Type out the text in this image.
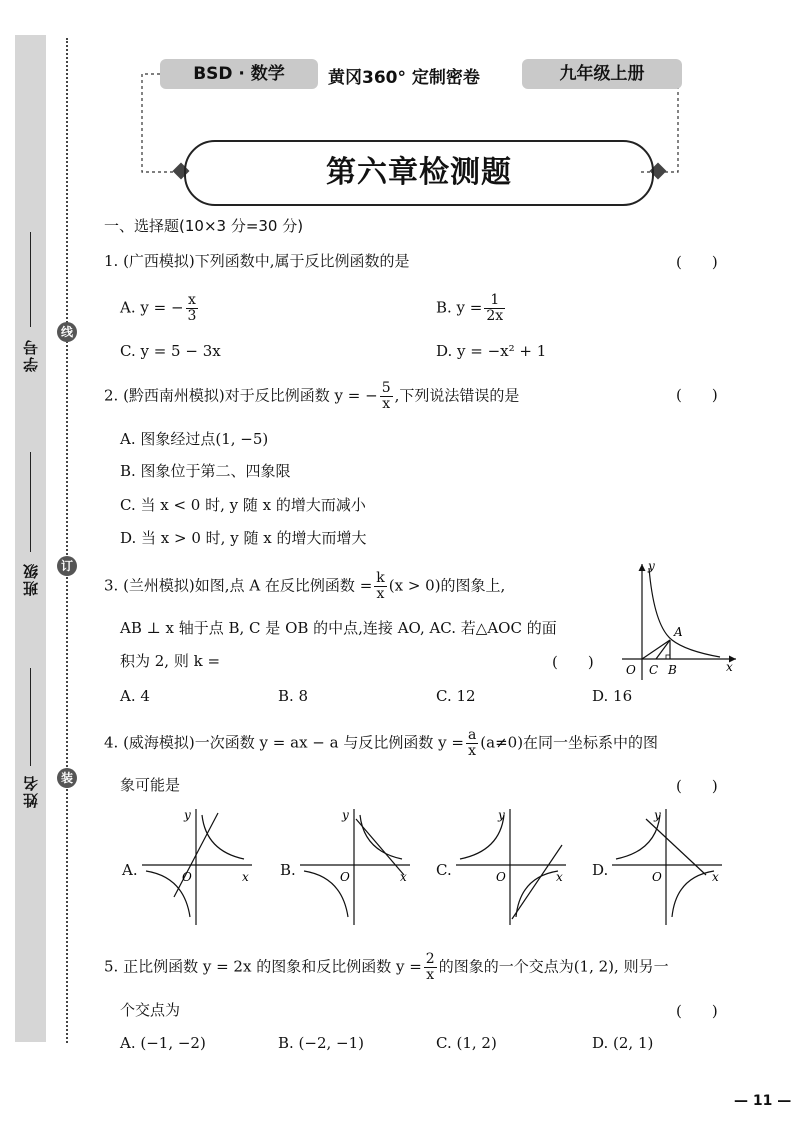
线
订
装
学号
班级
姓名
BSD · 数学	黄冈360° 定制密卷	九年级上册
第六章检测题
一、选择题(10×3 分=30 分)
1. (广西模拟)下列函数中,属于反比例函数的是	(　　)
A. y = − $\frac{x}{3}$	B. $y = \frac{1}{2x}$
C. y = 5 − 3x	D. y = −x² + 1
2. (黔西南州模拟)对于反比例函数 y = − $\frac{5}{x}$ ,下列说法错误的是	(　　)
A. 图象经过点(1, −5)
B. 图象位于第二、四象限
C. 当 x < 0 时, y 随 x 的增大而减小
D. 当 x > 0 时, y 随 x 的增大而增大
3. (兰州模拟)如图,点 A 在反比例函数 = $\frac{k}{x} (x > 0)$的图象上,
AB ⊥ x 轴于点 B, C 是 OB 的中点,连接 AO, AC. 若△AOC 的面
积为 2, 则 k =	(　　)
A. 4	B. 8	C. 12	D. 16
y
x
O
A
C B
4. (威海模拟)一次函数 y = ax − a 与反比例函数 $y = \frac{a}{x} (a\ne 0)$在同一坐标系中的图
象可能是	(　　)
A.
y
x
O	B.
y
x
O	C.
y
x
O	D.
y
x
O
5. 正比例函数 y = 2x 的图象和反比例函数 $y = \frac{2}{x}$ 的图象的一个交点为(1, 2), 则另一
个交点为	(　　)
A. (−1, −2)	B. (−2, −1)	C. (1, 2)	D. (2, 1)
— 11 —
